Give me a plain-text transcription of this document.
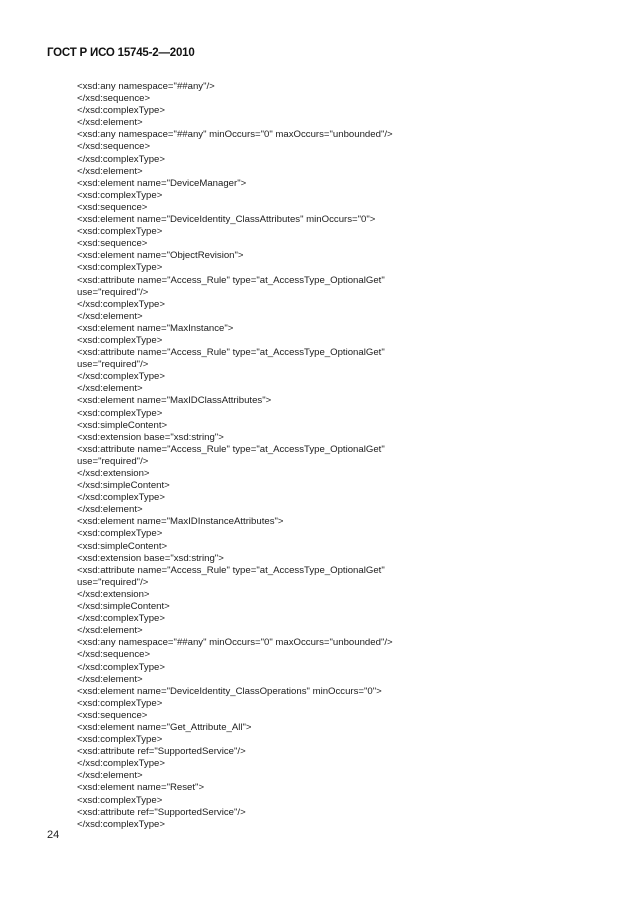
ГОСТ Р ИСО 15745-2—2010
<xsd:any namespace="##any"/>
</xsd:sequence>
</xsd:complexType>
</xsd:element>
<xsd:any namespace="##any" minOccurs="0" maxOccurs="unbounded"/>
</xsd:sequence>
</xsd:complexType>
</xsd:element>
<xsd:element name="DeviceManager">
<xsd:complexType>
<xsd:sequence>
<xsd:element name="DeviceIdentity_ClassAttributes" minOccurs="0">
<xsd:complexType>
<xsd:sequence>
<xsd:element name="ObjectRevision">
<xsd:complexType>
<xsd:attribute name="Access_Rule" type="at_AccessType_OptionalGet"
use="required"/>
</xsd:complexType>
</xsd:element>
<xsd:element name="MaxInstance">
<xsd:complexType>
<xsd:attribute name="Access_Rule" type="at_AccessType_OptionalGet"
use="required"/>
</xsd:complexType>
</xsd:element>
<xsd:element name="MaxIDClassAttributes">
<xsd:complexType>
<xsd:simpleContent>
<xsd:extension base="xsd:string">
<xsd:attribute name="Access_Rule" type="at_AccessType_OptionalGet"
use="required"/>
</xsd:extension>
</xsd:simpleContent>
</xsd:complexType>
</xsd:element>
<xsd:element name="MaxIDInstanceAttributes">
<xsd:complexType>
<xsd:simpleContent>
<xsd:extension base="xsd:string">
<xsd:attribute name="Access_Rule" type="at_AccessType_OptionalGet"
use="required"/>
</xsd:extension>
</xsd:simpleContent>
</xsd:complexType>
</xsd:element>
<xsd:any namespace="##any" minOccurs="0" maxOccurs="unbounded"/>
</xsd:sequence>
</xsd:complexType>
</xsd:element>
<xsd:element name="DeviceIdentity_ClassOperations" minOccurs="0">
<xsd:complexType>
<xsd:sequence>
<xsd:element name="Get_Attribute_All">
<xsd:complexType>
<xsd:attribute ref="SupportedService"/>
</xsd:complexType>
</xsd:element>
<xsd:element name="Reset">
<xsd:complexType>
<xsd:attribute ref="SupportedService"/>
</xsd:complexType>
24
